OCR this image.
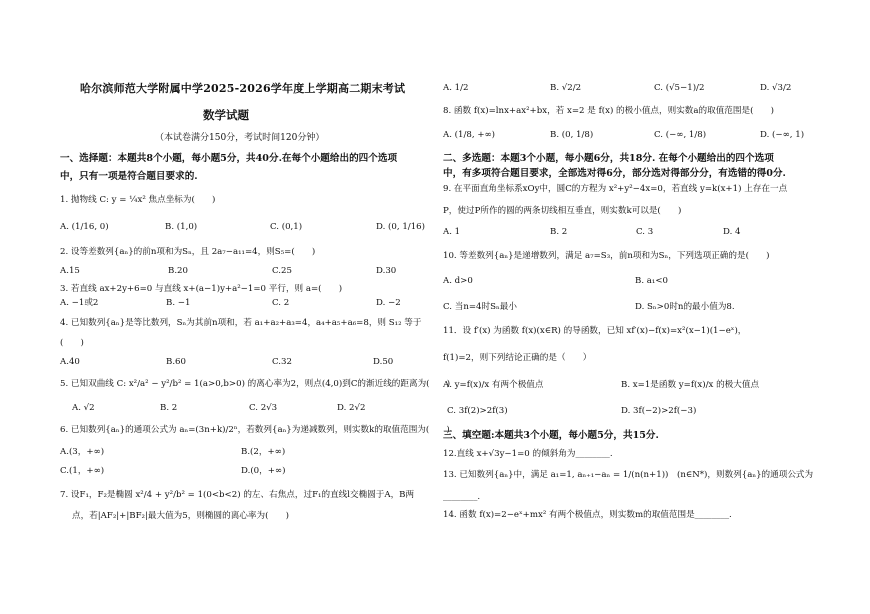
哈尔滨师范大学附属中学2025-2026学年度上学期高二期末考试
数学试题
（本试卷满分150分，考试时间120分钟）
一、选择题：本题共8个小题，每小题5分，共40分.在每个小题给出的四个选项
中，只有一项是符合题目要求的.
1. 抛物线 C: y = ¼x² 焦点坐标为(　　)
A. (1/16, 0)	B. (1,0)	C. (0,1)	D. (0, 1/16)
2. 设等差数列{aₙ}的前n项和为Sₙ，且 2a₇−a₁₁=4，则S₅=(　　)
A.15	B.20	C.25	D.30
3. 若直线 ax+2y+6=0 与直线 x+(a−1)y+a²−1=0 平行，则 a=(　　)
A. −1或2	B. −1	C. 2	D. −2
4. 已知数列{aₙ}是等比数列，Sₙ为其前n项和，若 a₁+a₂+a₃=4，a₄+a₅+a₆=8，则 S₁₂ 等于
(　　)
A.40	B.60	C.32	D.50
5. 已知双曲线 C: x²/a² − y²/b² = 1(a>0,b>0) 的离心率为2，则点(4,0)到C的渐近线的距离为(　　)
A. √2	B. 2	C. 2√3	D. 2√2
6. 已知数列{aₙ}的通项公式为 aₙ=(3n+k)/2ⁿ，若数列{aₙ}为递减数列，则实数k的取值范围为(　　)
A.(3，+∞)	B.(2，+∞)
C.(1，+∞)	D.(0，+∞)
7. 设F₁，F₂是椭圆 x²/4 + y²/b² = 1(0<b<2) 的左、右焦点，过F₁的直线l交椭圆于A，B两
点，若|AF₂|+|BF₂|最大值为5，则椭圆的离心率为(　　)
A. 1/2	B. √2/2	C. (√5−1)/2	D. √3/2
8. 函数 f(x)=lnx+ax²+bx，若 x=2 是 f(x) 的极小值点，则实数a的取值范围是(　　)
A. (1/8, +∞)	B. (0, 1/8)	C. (−∞, 1/8)	D. (−∞, 1)
二、多选题：本题3个小题，每小题6分，共18分. 在每个小题给出的四个选项
中，有多项符合题目要求，全部选对得6分，部分选对得部分分，有选错的得0分.
9. 在平面直角坐标系xOy中，圆C的方程为 x²+y²−4x=0，若直线 y=k(x+1) 上存在一点
P，使过P所作的圆的两条切线相互垂直，则实数k可以是(　　)
A. 1	B. 2	C. 3	D. 4
10. 等差数列{aₙ}是递增数列，满足 a₇=S₃，前n项和为Sₙ，下列选项正确的是(　　)
A. d>0	B. a₁<0
C. 当n=4时Sₙ最小	D. Sₙ>0时n的最小值为8.
11．设 f′(x) 为函数 f(x)(x∈R) 的导函数，已知 xf′(x)−f(x)=x²(x−1)(1−eˣ)，
f(1)=2，则下列结论正确的是（　　）
A. y=f(x)/x 有两个极值点	B. x=1是函数 y=f(x)/x 的极大值点
C. 3f(2)>2f(3)	D. 3f(−2)>2f(−3)
三、填空题:本题共3个小题，每小题5分，共15分.
12.直线 x+√3y−1=0 的倾斜角为________.
13. 已知数列{aₙ}中，满足 a₁=1, aₙ₊₁−aₙ = 1/(n(n+1))　(n∈N*)，则数列{aₙ}的通项公式为
________.
14. 函数 f(x)=2−eˣ+mx² 有两个极值点，则实数m的取值范围是________.
